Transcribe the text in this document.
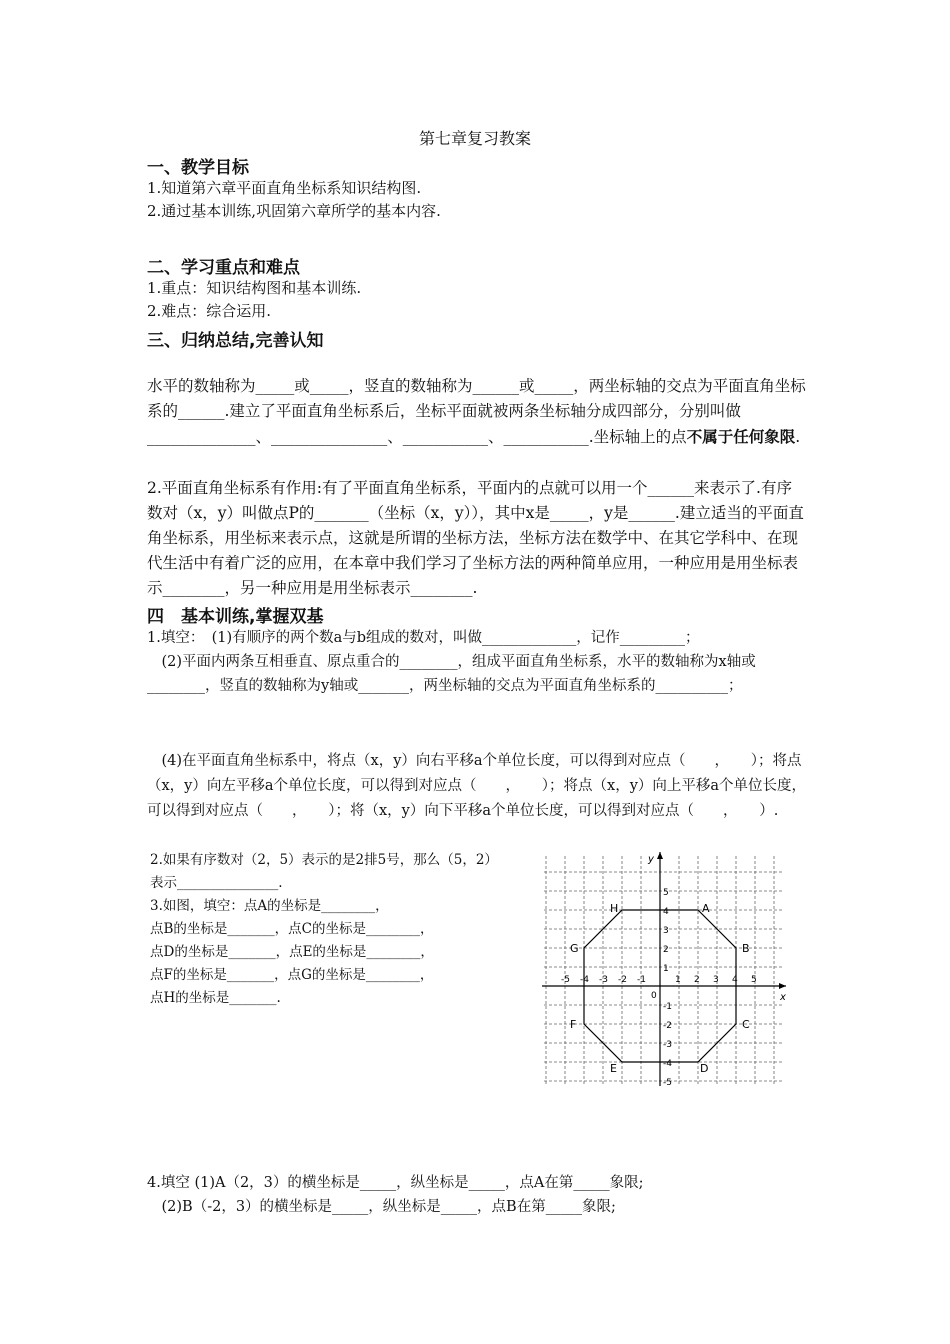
第七章复习教案
一、教学目标
1.知道第六章平面直角坐标系知识结构图.
2.通过基本训练,巩固第六章所学的基本内容.
二、学习重点和难点
1.重点：知识结构图和基本训练.
2.难点：综合运用.
三、归纳总结,完善认知
水平的数轴称为_____或_____，竖直的数轴称为______或_____，两坐标轴的交点为平面直角坐标系的______.建立了平面直角坐标系后，坐标平面就被两条坐标轴分成四部分，分别叫做______________、_______________、___________、___________.坐标轴上的点不属于任何象限.
2.平面直角坐标系有作用:有了平面直角坐标系，平面内的点就可以用一个______来表示了.有序数对（x，y）叫做点P的_______（坐标（x，y）），其中x是_____，y是______.建立适当的平面直角坐标系，用坐标来表示点，这就是所谓的坐标方法，坐标方法在数学中、在其它学科中、在现代生活中有着广泛的应用，在本章中我们学习了坐标方法的两种简单应用，一种应用是用坐标表示________，另一种应用是用坐标表示________.
四　基本训练,掌握双基
1.填空：　(1)有顺序的两个数a与b组成的数对，叫做_____________，记作_________；
　(2)平面内两条互相垂直、原点重合的________，组成平面直角坐标系，水平的数轴称为x轴或________，竖直的数轴称为y轴或_______，两坐标轴的交点为平面直角坐标系的__________；
　(4)在平面直角坐标系中，将点（x，y）向右平移a个单位长度，可以得到对应点（　　，　　）；将点（x，y）向左平移a个单位长度，可以得到对应点（　　，　　）；将点（x，y）向上平移a个单位长度，可以得到对应点（　　，　　）；将（x，y）向下平移a个单位长度，可以得到对应点（　　，　　）.
2.如果有序数对（2，5）表示的是2排5号，那么（5，2）
表示_______________.
3.如图，填空：点A的坐标是________，
点B的坐标是_______，点C的坐标是________，
点D的坐标是_______，点E的坐标是________，
点F的坐标是_______，点G的坐标是________，
点H的坐标是_______.	x
y
0
-5 -4 -3 -2 -1	1 2 3 4 5
5
4
3
2
1
-1
-2
-3
-4
-5
A
B
C
D
E
F
G
H
4.填空 (1)A（2，3）的横坐标是_____，纵坐标是_____，点A在第_____象限;
　(2)B（-2，3）的横坐标是_____，纵坐标是_____，点B在第_____象限;
